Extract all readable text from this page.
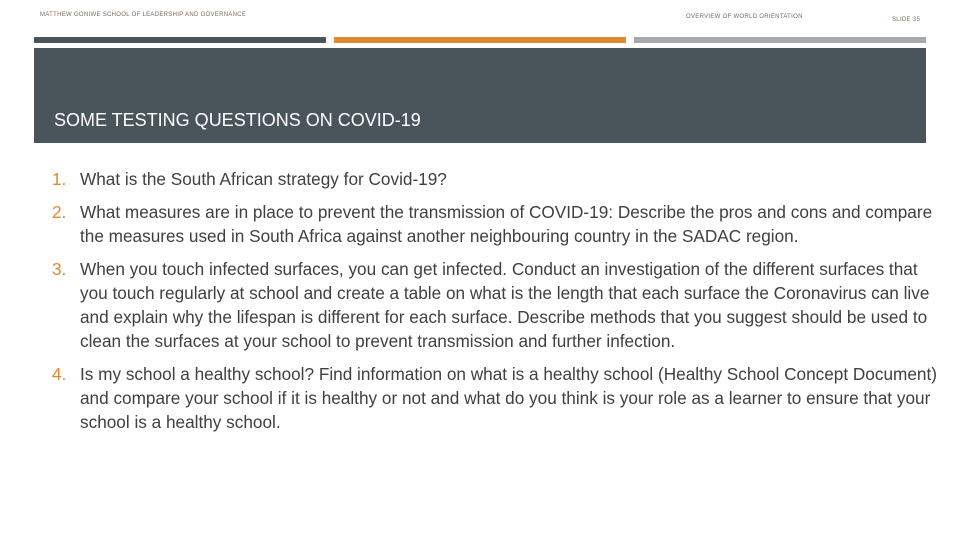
MATTHEW GONIWE SCHOOL OF LEADERSHIP AND GOVERNANCE	OVERVIEW OF WORLD ORIENTATION	SLIDE 35
SOME TESTING QUESTIONS ON COVID-19
1. What is the South African strategy for Covid-19?
2. What measures are in place to prevent the transmission of COVID-19: Describe the pros and cons and compare the measures used in South Africa against another neighbouring country in the SADAC region.
3. When you touch infected surfaces, you can get infected. Conduct an investigation of the different surfaces that you touch regularly at school and create a table on what is the length that each surface the Coronavirus can live and explain why the lifespan is different for each surface. Describe methods that you suggest should be used to clean the surfaces at your school to prevent transmission and further infection.
4. Is my school a healthy school? Find information on what is a healthy school (Healthy School Concept Document) and compare your school if it is healthy or not and what do you think is your role as a learner to ensure that your school is a healthy school.
